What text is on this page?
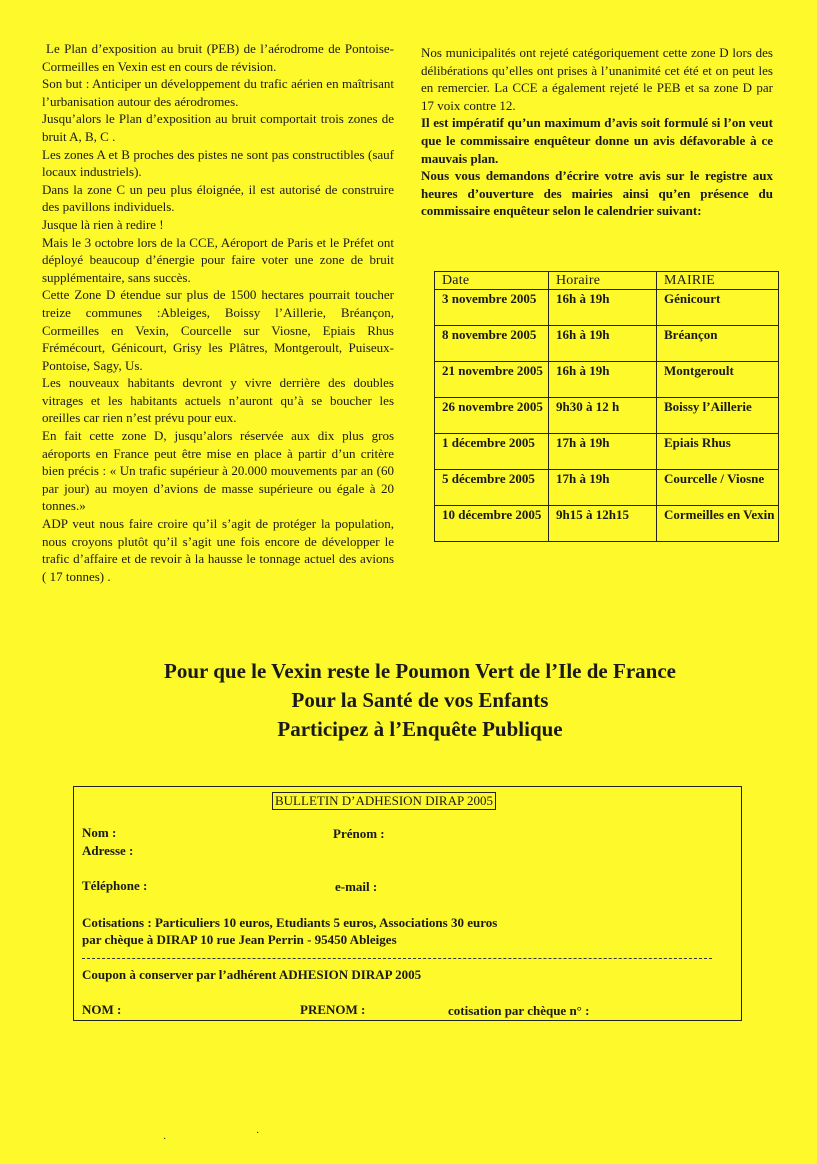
Le Plan d’exposition au bruit (PEB) de l’aérodrome de Pontoise-Cormeilles en Vexin est en cours de révision.

Son but : Anticiper un développement du trafic aérien en maîtrisant l’urbanisation autour des aérodromes.

Jusqu’alors le Plan d’exposition au bruit comportait trois zones de bruit A, B, C .

Les zones A et B proches des pistes ne sont pas constructibles (sauf locaux industriels).

Dans la zone C un peu plus éloignée, il est autorisé de construire des pavillons individuels.

Jusque là rien à redire !

Mais le 3 octobre lors de la CCE, Aéroport de Paris et le Préfet ont déployé beaucoup d’énergie pour faire voter une zone de bruit supplémentaire, sans succès.

Cette Zone D étendue sur plus de 1500 hectares pourrait toucher treize communes :Ableiges, Boissy l’Aillerie, Bréançon, Cormeilles en Vexin, Courcelle sur Viosne, Epiais Rhus Frémécourt, Génicourt, Grisy les Plâtres, Montgeroult, Puiseux-Pontoise, Sagy, Us.

Les nouveaux habitants devront y vivre derrière des doubles vitrages et les habitants actuels n’auront qu’à se boucher les oreilles car rien n’est prévu pour eux.

En fait cette zone D, jusqu’alors réservée aux dix plus gros aéroports en France peut être mise en place à partir d’un critère bien précis : « Un trafic supérieur à 20.000 mouvements par an (60 par jour) au moyen d’avions de masse supérieure ou égale à 20 tonnes.»

ADP veut nous faire croire qu’il s’agit de protéger la population, nous croyons plutôt qu’il s’agit une fois encore de développer le trafic d’affaire et de revoir à la hausse le tonnage actuel des avions ( 17 tonnes) .

Nos municipalités ont rejeté catégoriquement cette zone D lors des délibérations qu’elles ont prises à l’unanimité cet été et on peut les en remercier. La CCE a également rejeté le PEB et sa zone D par 17 voix contre 12.

Il est impératif qu’un maximum d’avis soit formulé si l’on veut que le commissaire enquêteur donne un avis défavorable à ce mauvais plan.

Nous vous demandons d’écrire votre avis sur le registre aux heures d’ouverture des mairies ainsi qu’en présence du commissaire enquêteur selon le calendrier suivant:

Date	Horaire	MAIRIE
3 novembre 2005	16h à 19h	Génicourt
8 novembre 2005	16h à 19h	Bréançon
21 novembre 2005	16h à 19h	Montgeroult
26 novembre 2005	9h30 à 12 h	Boissy l’Aillerie
1 décembre 2005	17h à 19h	Epiais Rhus
5 décembre 2005	17h à 19h	Courcelle / Viosne
10 décembre 2005	9h15 à 12h15	Cormeilles en Vexin
Pour que le Vexin reste le Poumon Vert de l’Ile de France
Pour la Santé de vos Enfants
Participez à l’Enquête Publique
BULLETIN D’ADHESION DIRAP 2005
Nom :	Prénom :
Adresse :
Téléphone :	e-mail :
Cotisations : Particuliers 10 euros, Etudiants 5 euros, Associations 30 euros
par chèque à DIRAP 10 rue Jean Perrin - 95450 Ableiges
Coupon à conserver par l’adhérent ADHESION DIRAP 2005
NOM :	PRENOM :	cotisation par chèque n° :
·
·
